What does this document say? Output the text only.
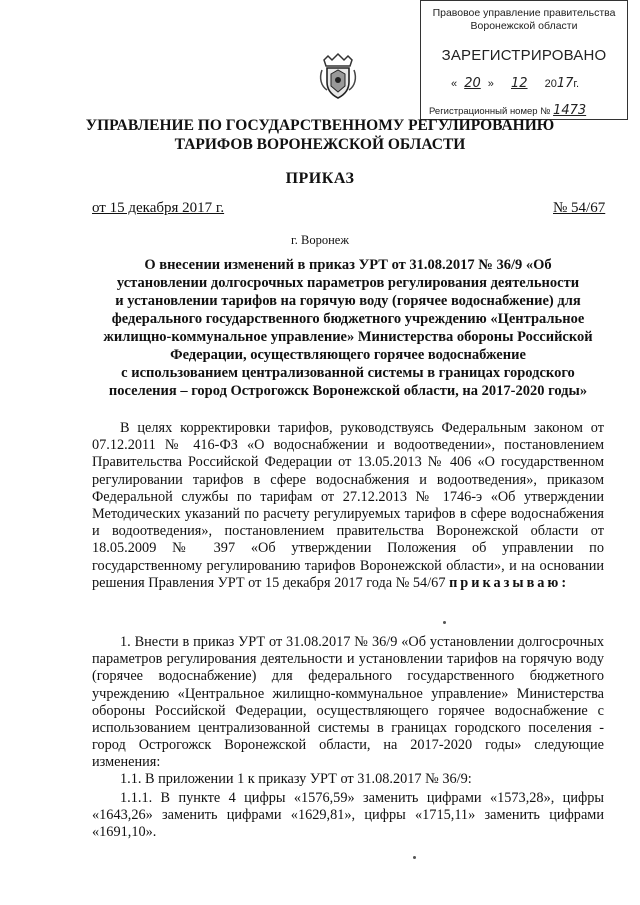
Правовое управление правительства
Воронежской области
ЗАРЕГИСТРИРОВАНО
« 20 » 12 2017г.
Регистрационный номер № 1473
УПРАВЛЕНИЕ ПО ГОСУДАРСТВЕННОМУ РЕГУЛИРОВАНИЮ
ТАРИФОВ ВОРОНЕЖСКОЙ ОБЛАСТИ
ПРИКАЗ
от 15 декабря 2017 г.	№ 54/67
г. Воронеж
О внесении изменений в приказ УРТ от 31.08.2017 № 36/9 «Об
установлении долгосрочных параметров регулирования деятельности
и установлении тарифов на горячую воду (горячее водоснабжение) для
федерального государственного бюджетного учреждению «Центральное
жилищно-коммунальное управление» Министерства обороны Российской
Федерации, осуществляющего горячее водоснабжение
с использованием централизованной системы в границах городского
поселения – город Острогожск Воронежской области, на 2017-2020 годы»
В целях корректировки тарифов, руководствуясь Федеральным законом от 07.12.2011 № 416-ФЗ «О водоснабжении и водоотведении», постановлением Правительства Российской Федерации от 13.05.2013 № 406 «О государственном регулировании тарифов в сфере водоснабжения и водоотведения», приказом Федеральной службы по тарифам от 27.12.2013 № 1746-э «Об утверждении Методических указаний по расчету регулируемых тарифов в сфере водоснабжения и водоотведения», постановлением правительства Воронежской области от 18.05.2009 № 397 «Об утверждении Положения об управлении по государственному регулированию тарифов Воронежской области», и на основании решения Правления УРТ от 15 декабря 2017 года № 54/67 приказываю:
1. Внести в приказ УРТ от 31.08.2017 № 36/9 «Об установлении долгосрочных параметров регулирования деятельности и установлении тарифов на горячую воду (горячее водоснабжение) для федерального государственного бюджетного учреждению «Центральное жилищно-коммунальное управление» Министерства обороны Российской Федерации, осуществляющего горячее водоснабжение с использованием централизованной системы в границах городского поселения - город Острогожск Воронежской области, на 2017-2020 годы» следующие изменения:
1.1. В приложении 1 к приказу УРТ от 31.08.2017 № 36/9:
1.1.1. В пункте 4 цифры «1576,59» заменить цифрами «1573,28», цифры «1643,26» заменить цифрами «1629,81», цифры «1715,11» заменить цифрами «1691,10».
